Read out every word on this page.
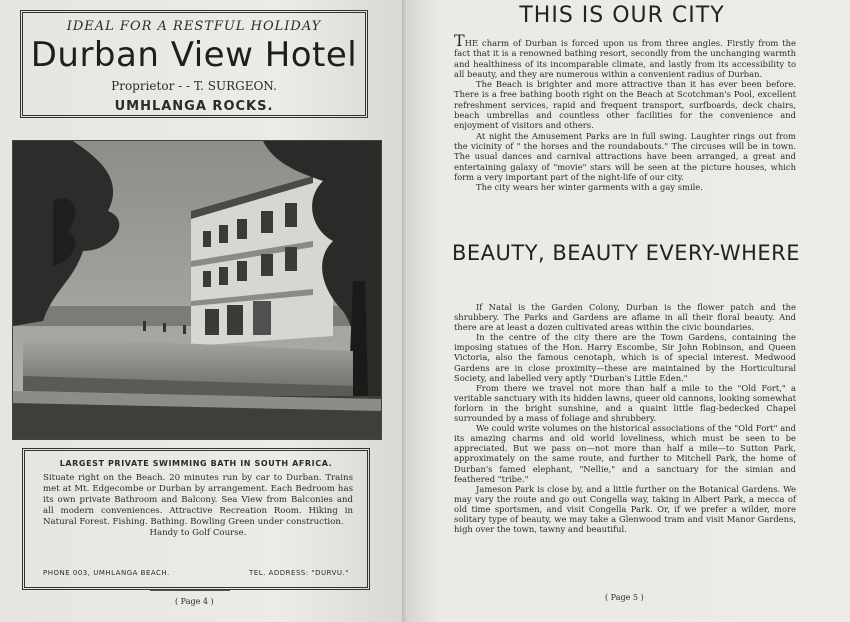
IDEAL FOR A RESTFUL HOLIDAY
Durban View Hotel
Proprietor - - T. SURGEON.
UMHLANGA ROCKS.
LARGEST PRIVATE SWIMMING BATH IN SOUTH AFRICA.
Situate right on the Beach. 20 minutes run by car to Durban. Trains met at Mt. Edgecombe or Durban by arrangement. Each Bedroom has its own private Bathroom and Balcony. Sea View from Balconies and all modern conveniences. Attractive Recreation Room. Hiking in Natural Forest. Fishing. Bathing. Bowling Green under construction.
Handy to Golf Course.
PHONE 003, UMHLANGA BEACH.	TEL. ADDRESS: "DURVU."
( Page 4 )
THIS IS OUR CITY

THE charm of Durban is forced upon us from three angles. Firstly from the fact that it is a renowned bathing resort, secondly from the unchanging warmth and healthiness of its incomparable climate, and lastly from its accessibility to all beauty, and they are numerous within a convenient radius of Durban.

The Beach is brighter and more attractive than it has ever been before. There is a free bathing booth right on the Beach at Scotchman's Pool, excellent refreshment services, rapid and frequent transport, surfboards, deck chairs, beach umbrellas and countless other facilities for the convenience and enjoyment of visitors and others.

At night the Amusement Parks are in full swing. Laughter rings out from the vicinity of " the horses and the roundabouts." The circuses will be in town. The usual dances and carnival attractions have been arranged, a great and entertaining galaxy of "movie" stars will be seen at the picture houses, which form a very important part of the night-life of our city.

The city wears her winter garments with a gay smile.

BEAUTY, BEAUTY EVERY-WHERE

If Natal is the Garden Colony, Durban is the flower patch and the shrubbery. The Parks and Gardens are aflame in all their floral beauty. And there are at least a dozen cultivated areas within the civic boundaries.

In the centre of the city there are the Town Gardens, containing the imposing statues of the Hon. Harry Escombe, Sir John Robinson, and Queen Victoria, also the famous cenotaph, which is of special interest. Medwood Gardens are in close proximity—these are maintained by the Horticultural Society, and labelled very aptly "Durban's Little Eden."

From there we travel not more than half a mile to the "Old Fort," a veritable sanctuary with its hidden lawns, queer old cannons, looking somewhat forlorn in the bright sunshine, and a quaint little flag-bedecked Chapel surrounded by a mass of foliage and shrubbery.

We could write volumes on the historical associations of the "Old Fort" and its amazing charms and old world loveliness, which must be seen to be appreciated. But we pass on—not more than half a mile—to Sutton Park, approximately on the same route, and further to Mitchell Park, the home of Durban's famed elephant, "Nellie," and a sanctuary for the simian and feathered "tribe."

Jameson Park is close by, and a little further on the Botanical Gardens. We may vary the route and go out Congella way, taking in Albert Park, a mecca of old time sportsmen, and visit Congella Park. Or, if we prefer a wilder, more solitary type of beauty, we may take a Glenwood tram and visit Manor Gardens, high over the town, tawny and beautiful.

( Page 5 )
